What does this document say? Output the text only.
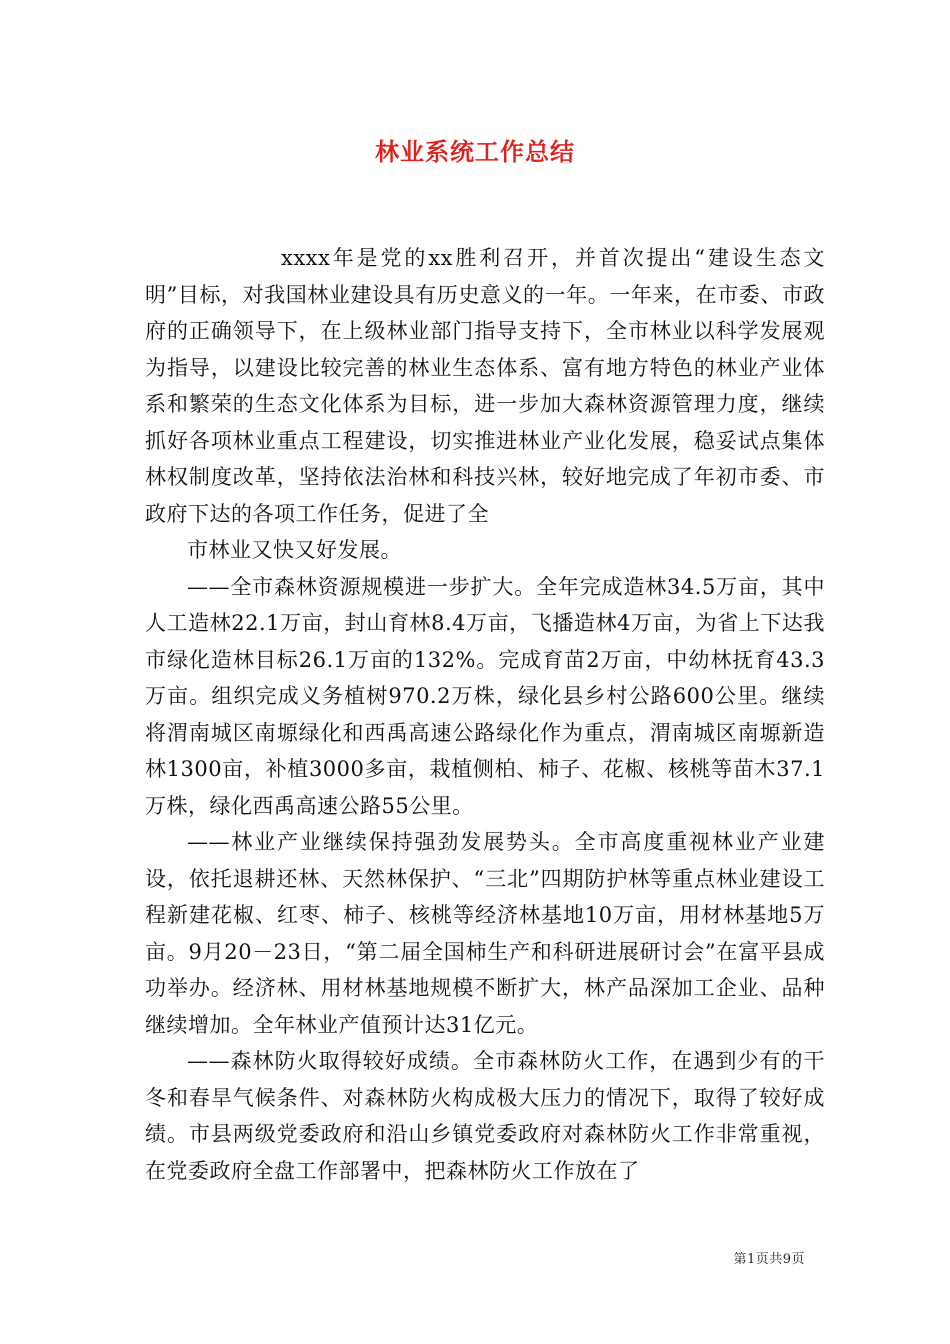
林业系统工作总结

xxxx年是党的xx胜利召开，并首次提出“建设生态文明”目标，对我国林业建设具有历史意义的一年。一年来，在市委、市政府的正确领导下，在上级林业部门指导支持下，全市林业以科学发展观为指导，以建设比较完善的林业生态体系、富有地方特色的林业产业体系和繁荣的生态文化体系为目标，进一步加大森林资源管理力度，继续抓好各项林业重点工程建设，切实推进林业产业化发展，稳妥试点集体林权制度改革，坚持依法治林和科技兴林，较好地完成了年初市委、市政府下达的各项工作任务，促进了全

市林业又快又好发展。

——全市森林资源规模进一步扩大。全年完成造林34.5万亩，其中人工造林22.1万亩，封山育林8.4万亩，飞播造林4万亩，为省上下达我市绿化造林目标26.1万亩的132%。完成育苗2万亩，中幼林抚育43.3万亩。组织完成义务植树970.2万株，绿化县乡村公路600公里。继续将渭南城区南塬绿化和西禹高速公路绿化作为重点，渭南城区南塬新造林1300亩，补植3000多亩，栽植侧柏、柿子、花椒、核桃等苗木37.1万株，绿化西禹高速公路55公里。

——林业产业继续保持强劲发展势头。全市高度重视林业产业建设，依托退耕还林、天然林保护、“三北”四期防护林等重点林业建设工程新建花椒、红枣、柿子、核桃等经济林基地10万亩，用材林基地5万亩。9月20－23日，“第二届全国柿生产和科研进展研讨会”在富平县成功举办。经济林、用材林基地规模不断扩大，林产品深加工企业、品种继续增加。全年林业产值预计达31亿元。

——森林防火取得较好成绩。全市森林防火工作，在遇到少有的干冬和春旱气候条件、对森林防火构成极大压力的情况下，取得了较好成绩。市县两级党委政府和沿山乡镇党委政府对森林防火工作非常重视，在党委政府全盘工作部署中，把森林防火工作放在了

第1页共9页
